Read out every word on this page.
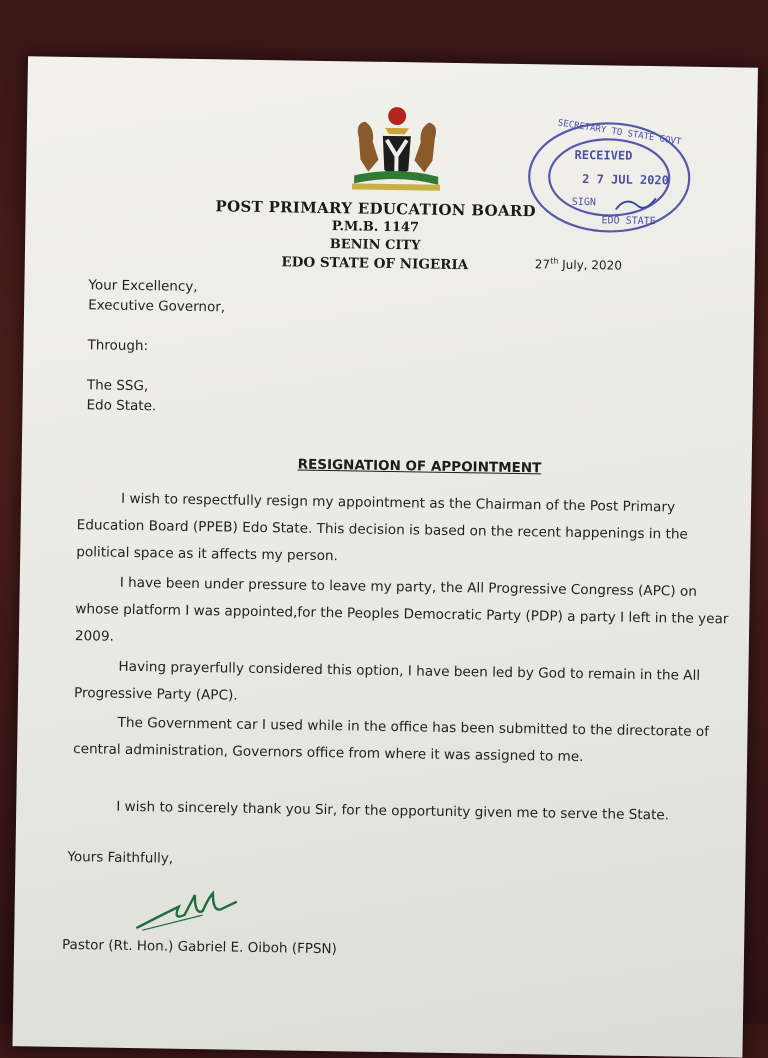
SECRETARY TO STATE GOVT
RECEIVED
2 7 JUL 2020
SIGN
EDO STATE
POST PRIMARY EDUCATION BOARD
P.M.B. 1147
BENIN CITY
EDO STATE OF NIGERIA	27th July, 2020
Your Excellency,
Executive Governor,
Through:
The SSG,
Edo State.
RESIGNATION OF APPOINTMENT
I wish to respectfully resign my appointment as the Chairman of the Post Primary Education Board (PPEB) Edo State. This decision is based on the recent happenings in the political space as it affects my person.
I have been under pressure to leave my party, the All Progressive Congress (APC) on whose platform I was appointed,for the Peoples Democratic Party (PDP) a party I left in the year 2009.
Having prayerfully considered this option, I have been led by God to remain in the All Progressive Party (APC).
The Government car I used while in the office has been submitted to the directorate of central administration, Governors office from where it was assigned to me.
I wish to sincerely thank you Sir, for the opportunity given me to serve the State.
Yours Faithfully,
Pastor (Rt. Hon.) Gabriel E. Oiboh (FPSN)
